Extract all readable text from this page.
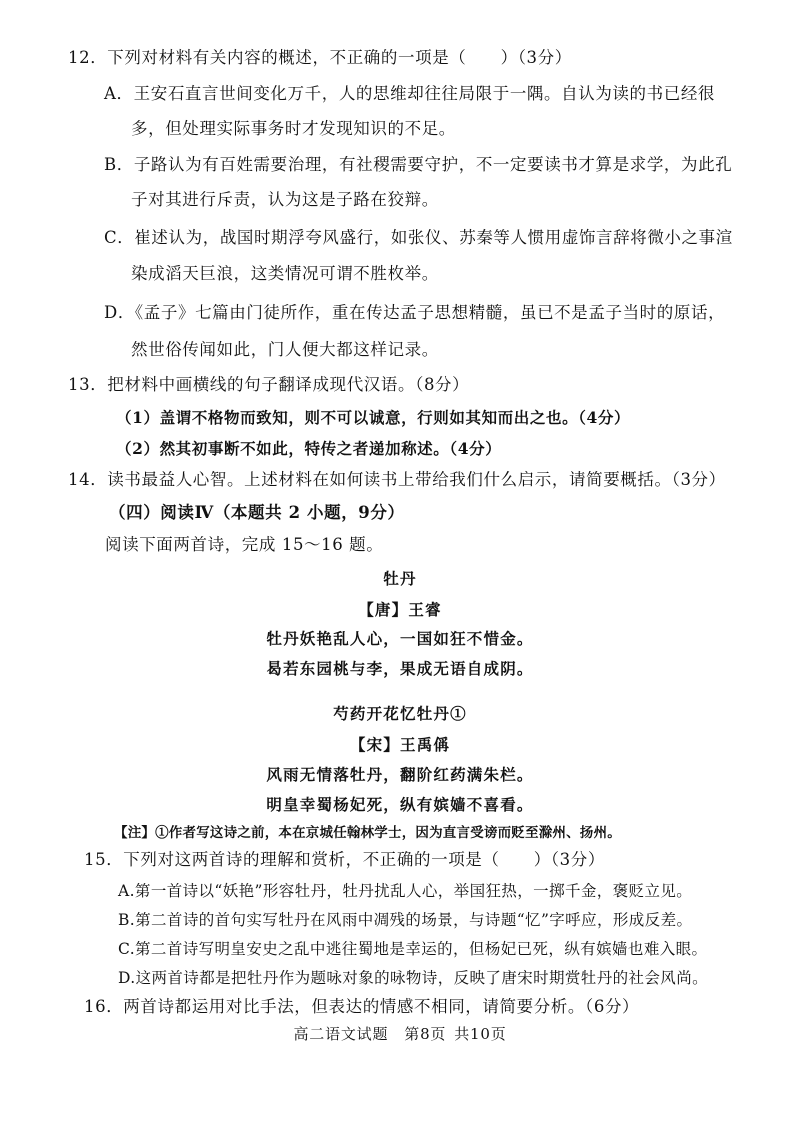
12．下列对材料有关内容的概述，不正确的一项是（　　）（3分）
A．王安石直言世间变化万千，人的思维却往往局限于一隅。自认为读的书已经很
多，但处理实际事务时才发现知识的不足。
B．子路认为有百姓需要治理，有社稷需要守护，不一定要读书才算是求学，为此孔
子对其进行斥责，认为这是子路在狡辩。
C．崔述认为，战国时期浮夸风盛行，如张仪、苏秦等人惯用虚饰言辞将微小之事渲
染成滔天巨浪，这类情况可谓不胜枚举。
D．《孟子》七篇由门徒所作，重在传达孟子思想精髓，虽已不是孟子当时的原话，
然世俗传闻如此，门人便大都这样记录。
13．把材料中画横线的句子翻译成现代汉语。（8分）
（1）盖谓不格物而致知，则不可以诚意，行则如其知而出之也。（4分）
（2）然其初事断不如此，特传之者递加称述。（4分）
14．读书最益人心智。上述材料在如何读书上带给我们什么启示，请简要概括。（3分）
（四）阅读Ⅳ（本题共 2 小题，9分）
阅读下面两首诗，完成 15～16 题。
牡丹
【唐】王睿
牡丹妖艳乱人心，一国如狂不惜金。
曷若东园桃与李，果成无语自成阴。
芍药开花忆牡丹①
【宋】王禹偁
风雨无情落牡丹，翻阶红药满朱栏。
明皇幸蜀杨妃死，纵有嫔嫱不喜看。
【注】①作者写这诗之前，本在京城任翰林学士，因为直言受谤而贬至滁州、扬州。
15．下列对这两首诗的理解和赏析，不正确的一项是（　　）（3分）
A.第一首诗以“妖艳”形容牡丹，牡丹扰乱人心，举国狂热，一掷千金，褒贬立见。
B.第二首诗的首句实写牡丹在风雨中凋残的场景，与诗题“忆”字呼应，形成反差。
C.第二首诗写明皇安史之乱中逃往蜀地是幸运的，但杨妃已死，纵有嫔嫱也难入眼。
D.这两首诗都是把牡丹作为题咏对象的咏物诗，反映了唐宋时期赏牡丹的社会风尚。
16．两首诗都运用对比手法，但表达的情感不相同，请简要分析。（6分）
高二语文试题 第8页 共10页
